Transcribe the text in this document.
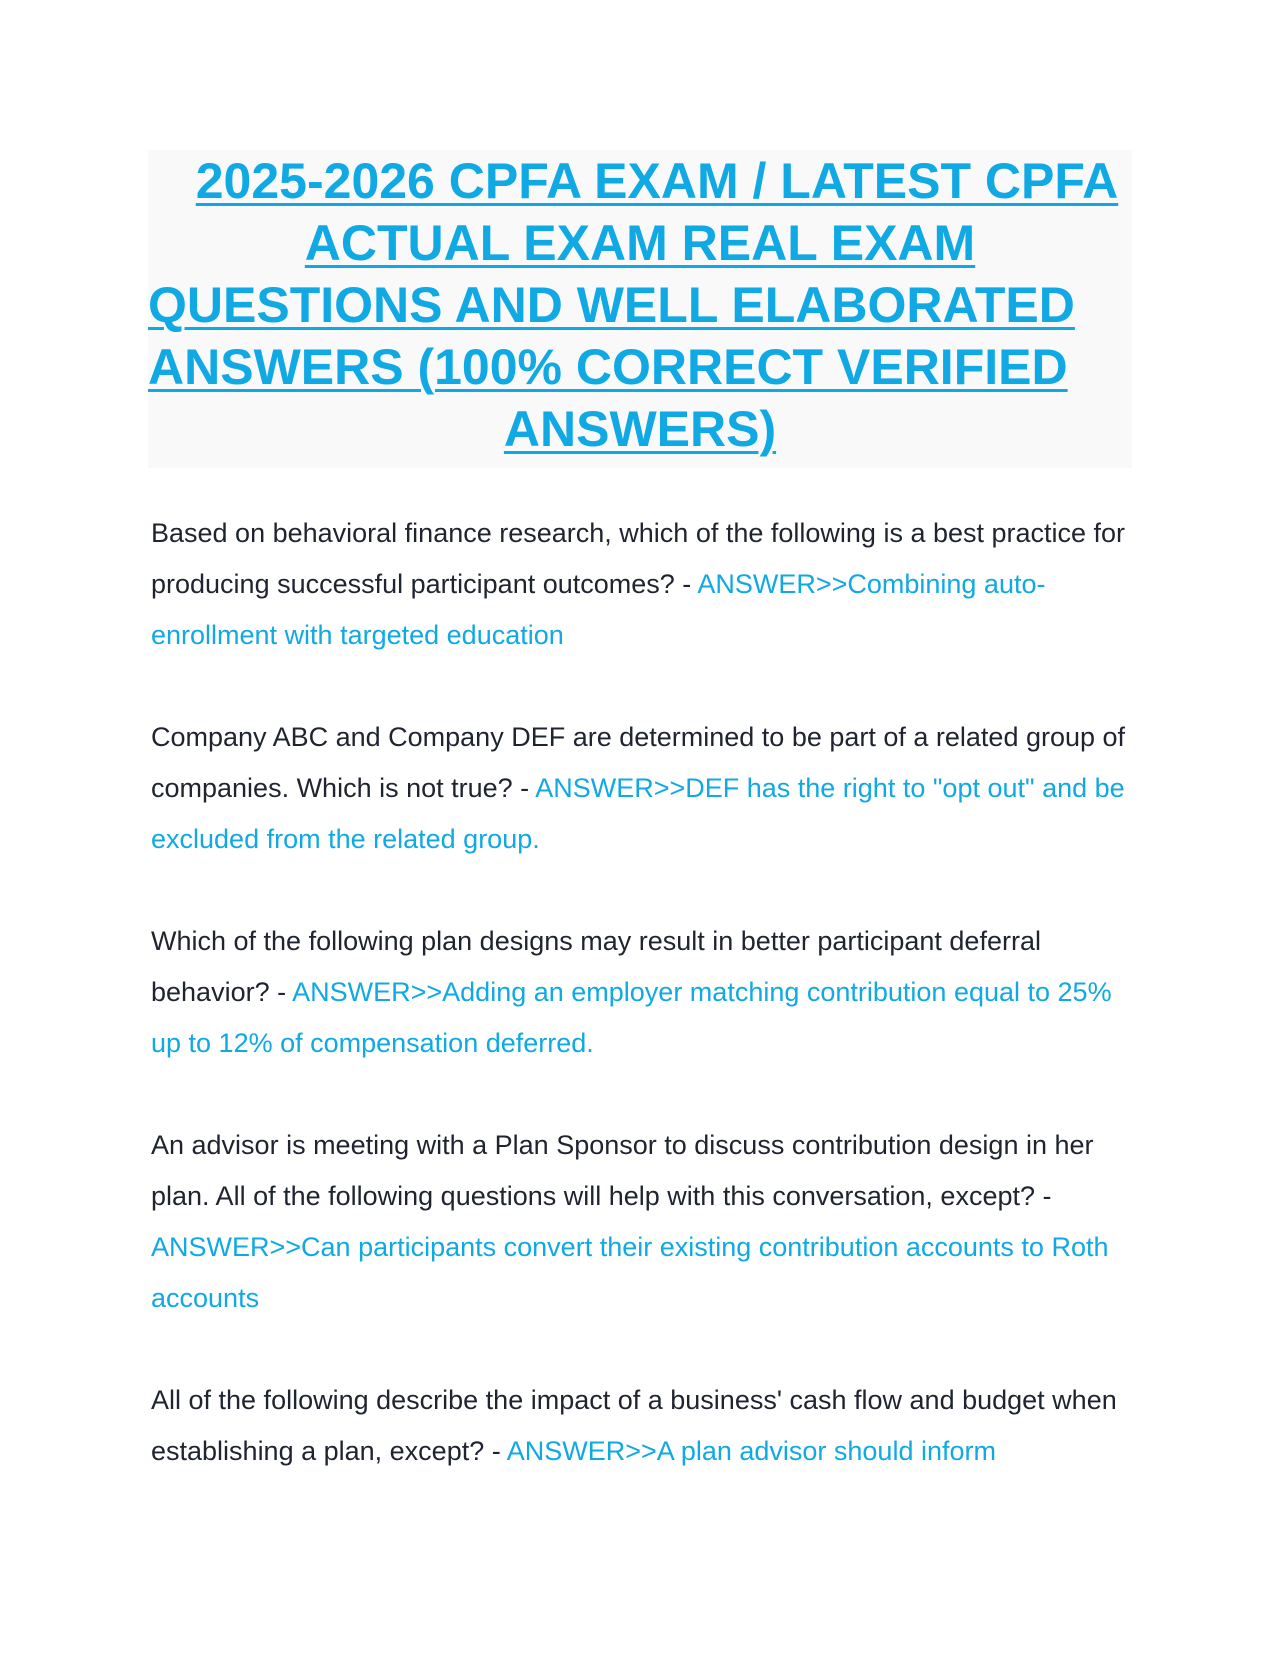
2025-2026 CPFA EXAM / LATEST CPFA
ACTUAL EXAM REAL EXAM
QUESTIONS AND WELL ELABORATED
ANSWERS (100% CORRECT VERIFIED
ANSWERS)

Based on behavioral finance research, which of the following is a best practice for producing successful participant outcomes? - ANSWER>>Combining auto-enrollment with targeted education

Company ABC and Company DEF are determined to be part of a related group of companies. Which is not true? - ANSWER>>DEF has the right to "opt out" and be excluded from the related group.

Which of the following plan designs may result in better participant deferral behavior? - ANSWER>>Adding an employer matching contribution equal to 25% up to 12% of compensation deferred.

An advisor is meeting with a Plan Sponsor to discuss contribution design in her plan. All of the following questions will help with this conversation, except? - ANSWER>>Can participants convert their existing contribution accounts to Roth accounts

All of the following describe the impact of a business' cash flow and budget when establishing a plan, except? - ANSWER>>A plan advisor should inform
